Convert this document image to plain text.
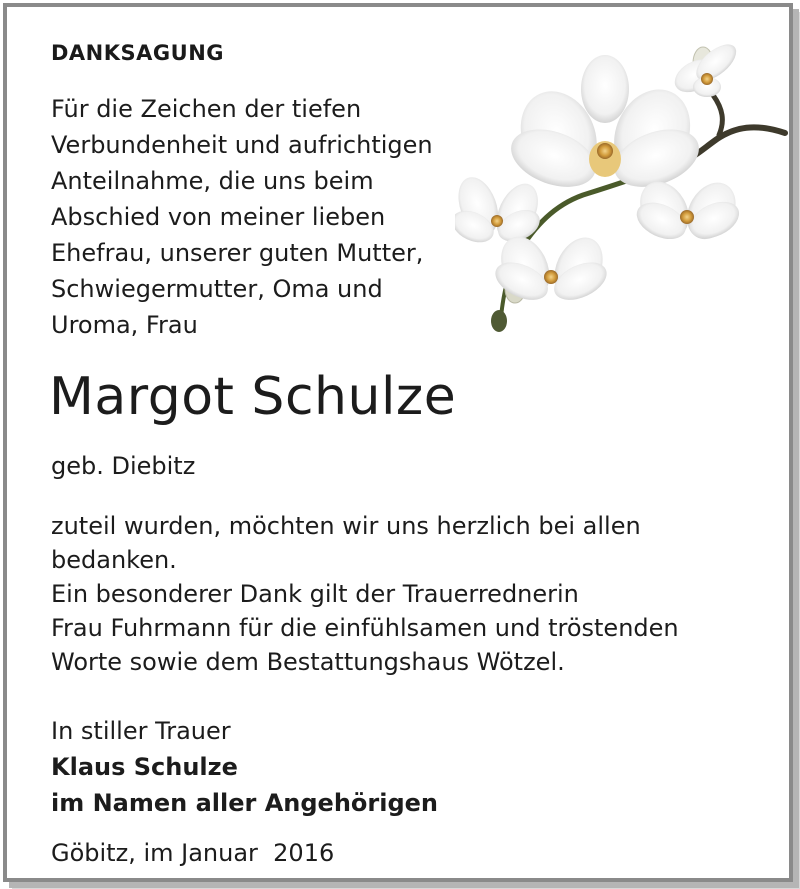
DANKSAGUNG
Für die Zeichen der tiefen
Verbundenheit und aufrichtigen
Anteilnahme, die uns beim
Abschied von meiner lieben
Ehefrau, unserer guten Mutter,
Schwiegermutter, Oma und
Uroma, Frau
Margot Schulze
geb. Diebitz
zuteil wurden, möchten wir uns herzlich bei allen
bedanken.
Ein besonderer Dank gilt der Trauerrednerin
Frau Fuhrmann für die einfühlsamen und tröstenden
Worte sowie dem Bestattungshaus Wötzel.
In stiller Trauer
Klaus Schulze
im Namen aller Angehörigen
Göbitz, im Januar  2016
